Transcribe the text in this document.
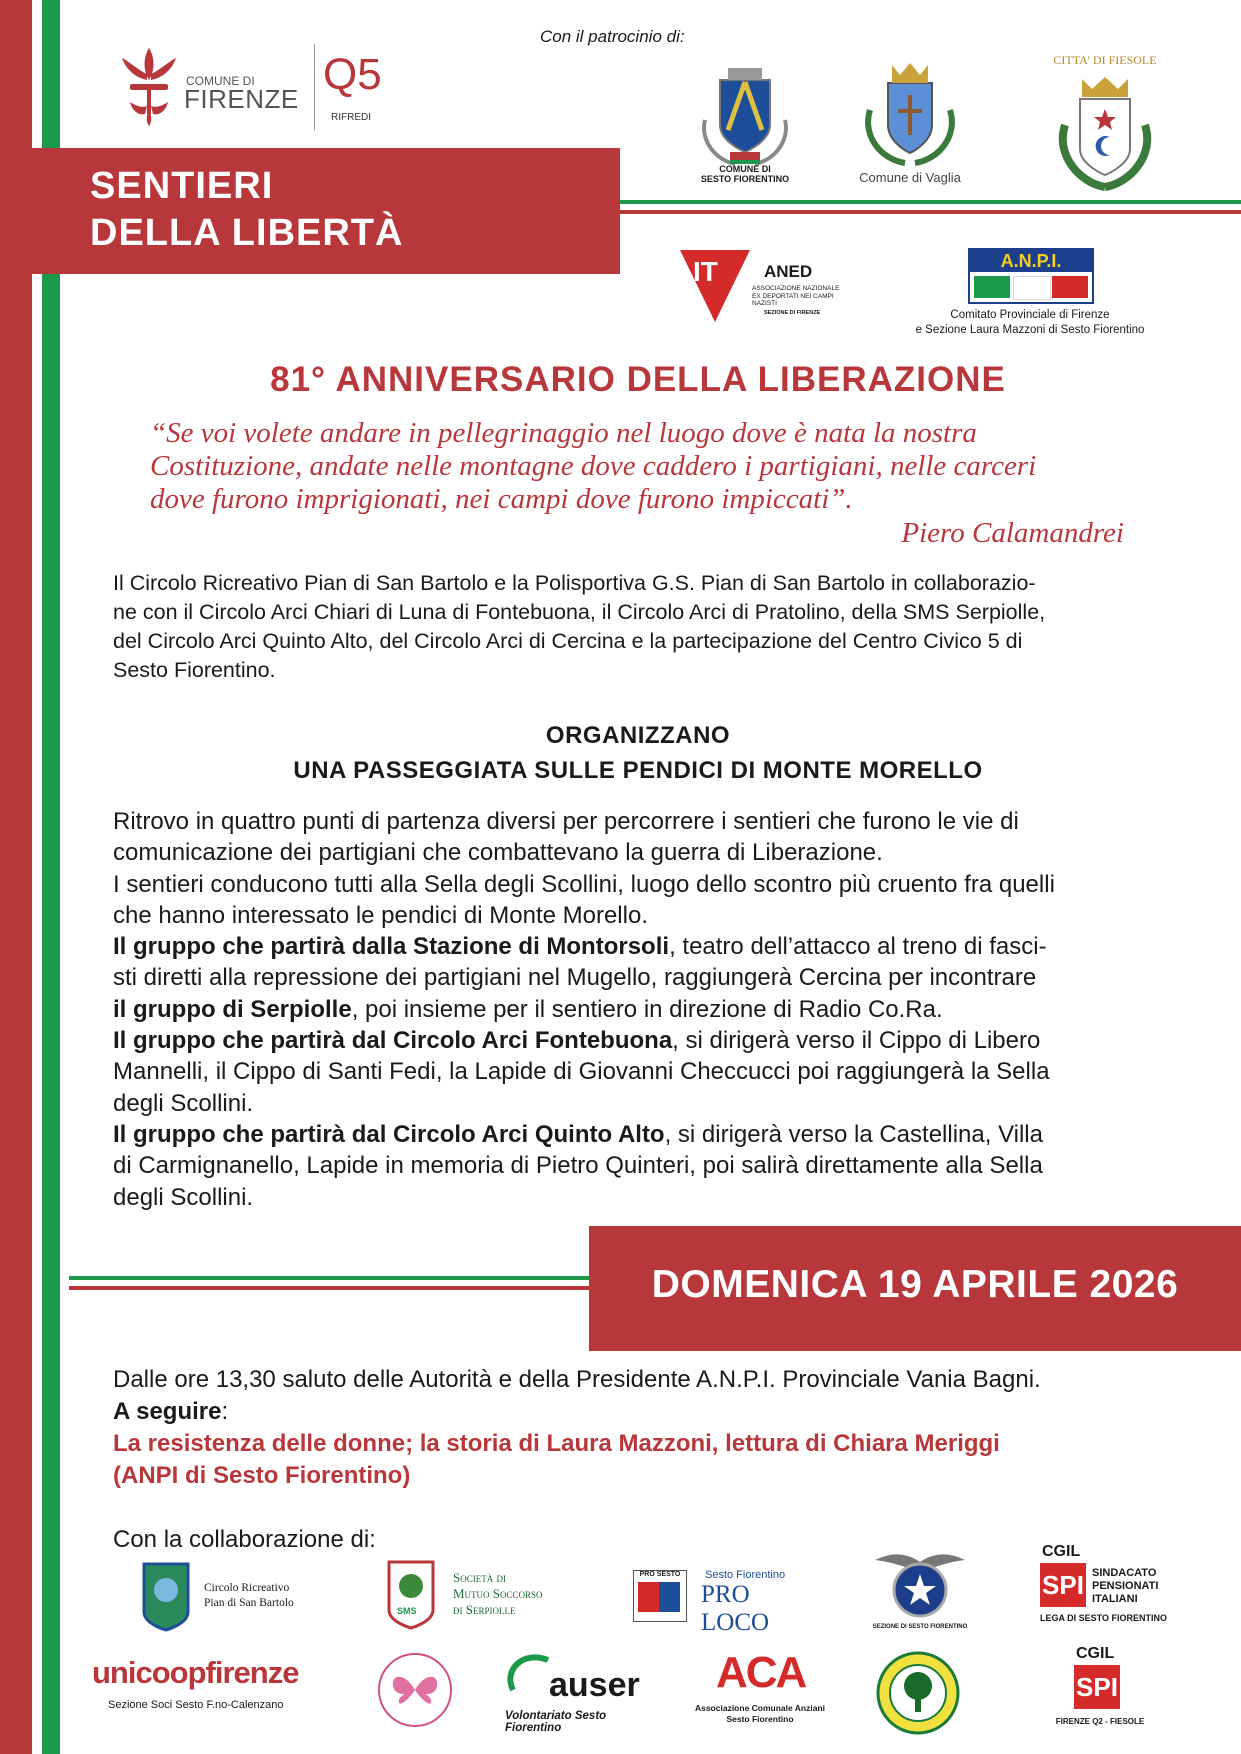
COMUNE DI
FIRENZE Q5
RIFREDI
Con il patrocinio di:
COMUNE DI
SESTO FIORENTINO	Comune di Vaglia
CITTA' DI FIESOLE
SENTIERI
DELLA LIBERTÀ
IT	ANED
ASSOCIAZIONE NAZIONALE
EX DEPORTATI NEI CAMPI NAZISTI
SEZIONE DI FIRENZE
A.N.P.I.
Comitato Provinciale di Firenze
e Sezione Laura Mazzoni di Sesto Fiorentino
81° ANNIVERSARIO DELLA LIBERAZIONE
“Se voi volete andare in pellegrinaggio nel luogo dove è nata la nostra
Costituzione, andate nelle montagne dove caddero i partigiani, nelle carceri
dove furono imprigionati, nei campi dove furono impiccati”.
Piero Calamandrei
Il Circolo Ricreativo Pian di San Bartolo e la Polisportiva G.S. Pian di San Bartolo in collaborazio-
ne con il Circolo Arci Chiari di Luna di Fontebuona, il Circolo Arci di Pratolino, della SMS Serpiolle,
del Circolo Arci Quinto Alto, del Circolo Arci di Cercina e la partecipazione del Centro Civico 5 di
Sesto Fiorentino.
ORGANIZZANO
UNA PASSEGGIATA SULLE PENDICI DI MONTE MORELLO
Ritrovo in quattro punti di partenza diversi per percorrere i sentieri che furono le vie di
comunicazione dei partigiani che combattevano la guerra di Liberazione.
I sentieri conducono tutti alla Sella degli Scollini, luogo dello scontro più cruento fra quelli
che hanno interessato le pendici di Monte Morello.
Il gruppo che partirà dalla Stazione di Montorsoli, teatro dell’attacco al treno di fasci-
sti diretti alla repressione dei partigiani nel Mugello, raggiungerà Cercina per incontrare
il gruppo di Serpiolle, poi insieme per il sentiero in direzione di Radio Co.Ra.
Il gruppo che partirà dal Circolo Arci Fontebuona, si dirigerà verso il Cippo di Libero
Mannelli, il Cippo di Santi Fedi, la Lapide di Giovanni Checcucci poi raggiungerà la Sella
degli Scollini.
Il gruppo che partirà dal Circolo Arci Quinto Alto, si dirigerà verso la Castellina, Villa
di Carmignanello, Lapide in memoria di Pietro Quinteri, poi salirà direttamente alla Sella
degli Scollini.
DOMENICA 19 APRILE 2026
Dalle ore 13,30 saluto delle Autorità e della Presidente A.N.P.I. Provinciale Vania Bagni.
A seguire:
La resistenza delle donne; la storia di Laura Mazzoni, lettura di Chiara Meriggi
(ANPI di Sesto Fiorentino)
Con la collaborazione di:
Circolo Ricreativo
Pian di San Bartolo
SMS
Società di
Mutuo Soccorso
di Serpiolle
PRO SESTO	Sesto Fiorentino
PRO LOCO	SEZIONE DI SESTO FIORENTINO
CGIL
SPI SINDACATO
PENSIONATI
ITALIANI
LEGA DI SESTO FIORENTINO
unicoopfirenze
Sezione Soci Sesto F.no-Calenzano
auser
Volontariato Sesto Fiorentino
ACA
Associazione Comunale Anziani
Sesto Fiorentino
CGIL
SPI
FIRENZE Q2 - FIESOLE
